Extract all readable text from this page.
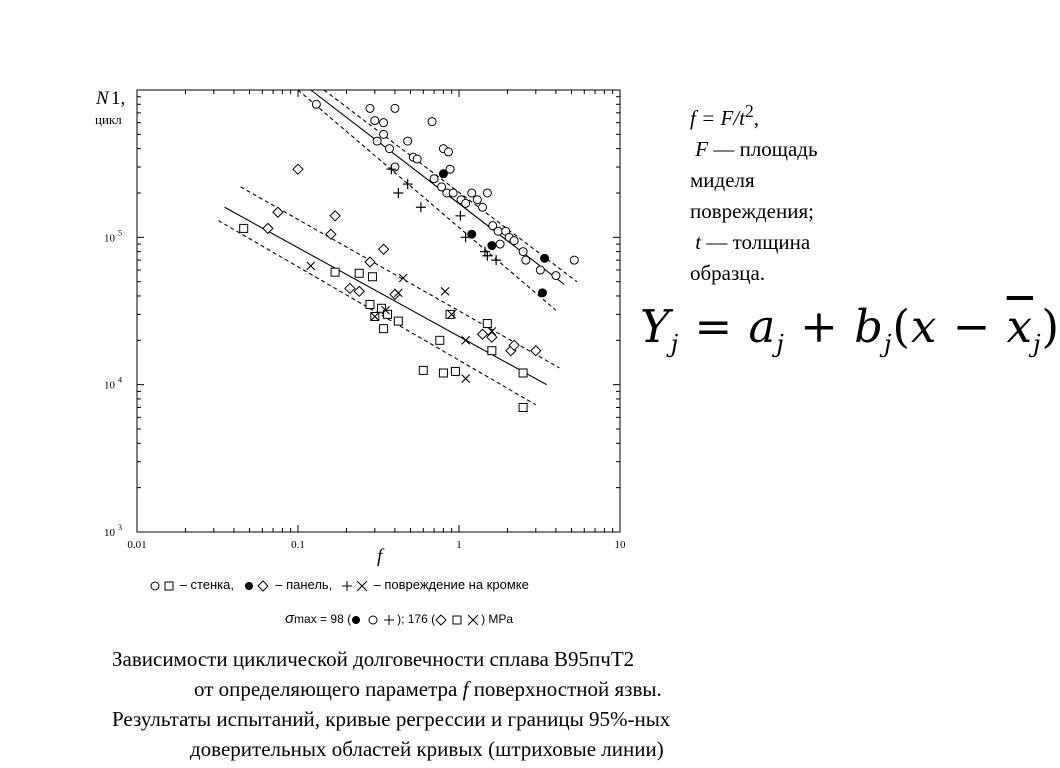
0.01	0.1	1	10
10 3
10 4
10 5
N 1,
цикл
f
$f = F/t^2$,
F — площадь
миделя
повреждения;
t — толщина
образца.
$Y_j = a_j + b_j(x - \overline{x}_j)$
– стенка,	– панель,	– повреждение на кромке
σmax = 98 (	); 176 (	) MPa
Зависимости циклической долговечности сплава В95пчТ2
от определяющего параметра f поверхностной язвы.
Результаты испытаний, кривые регрессии и границы 95%-ных
доверительных областей кривых (штриховые линии)
